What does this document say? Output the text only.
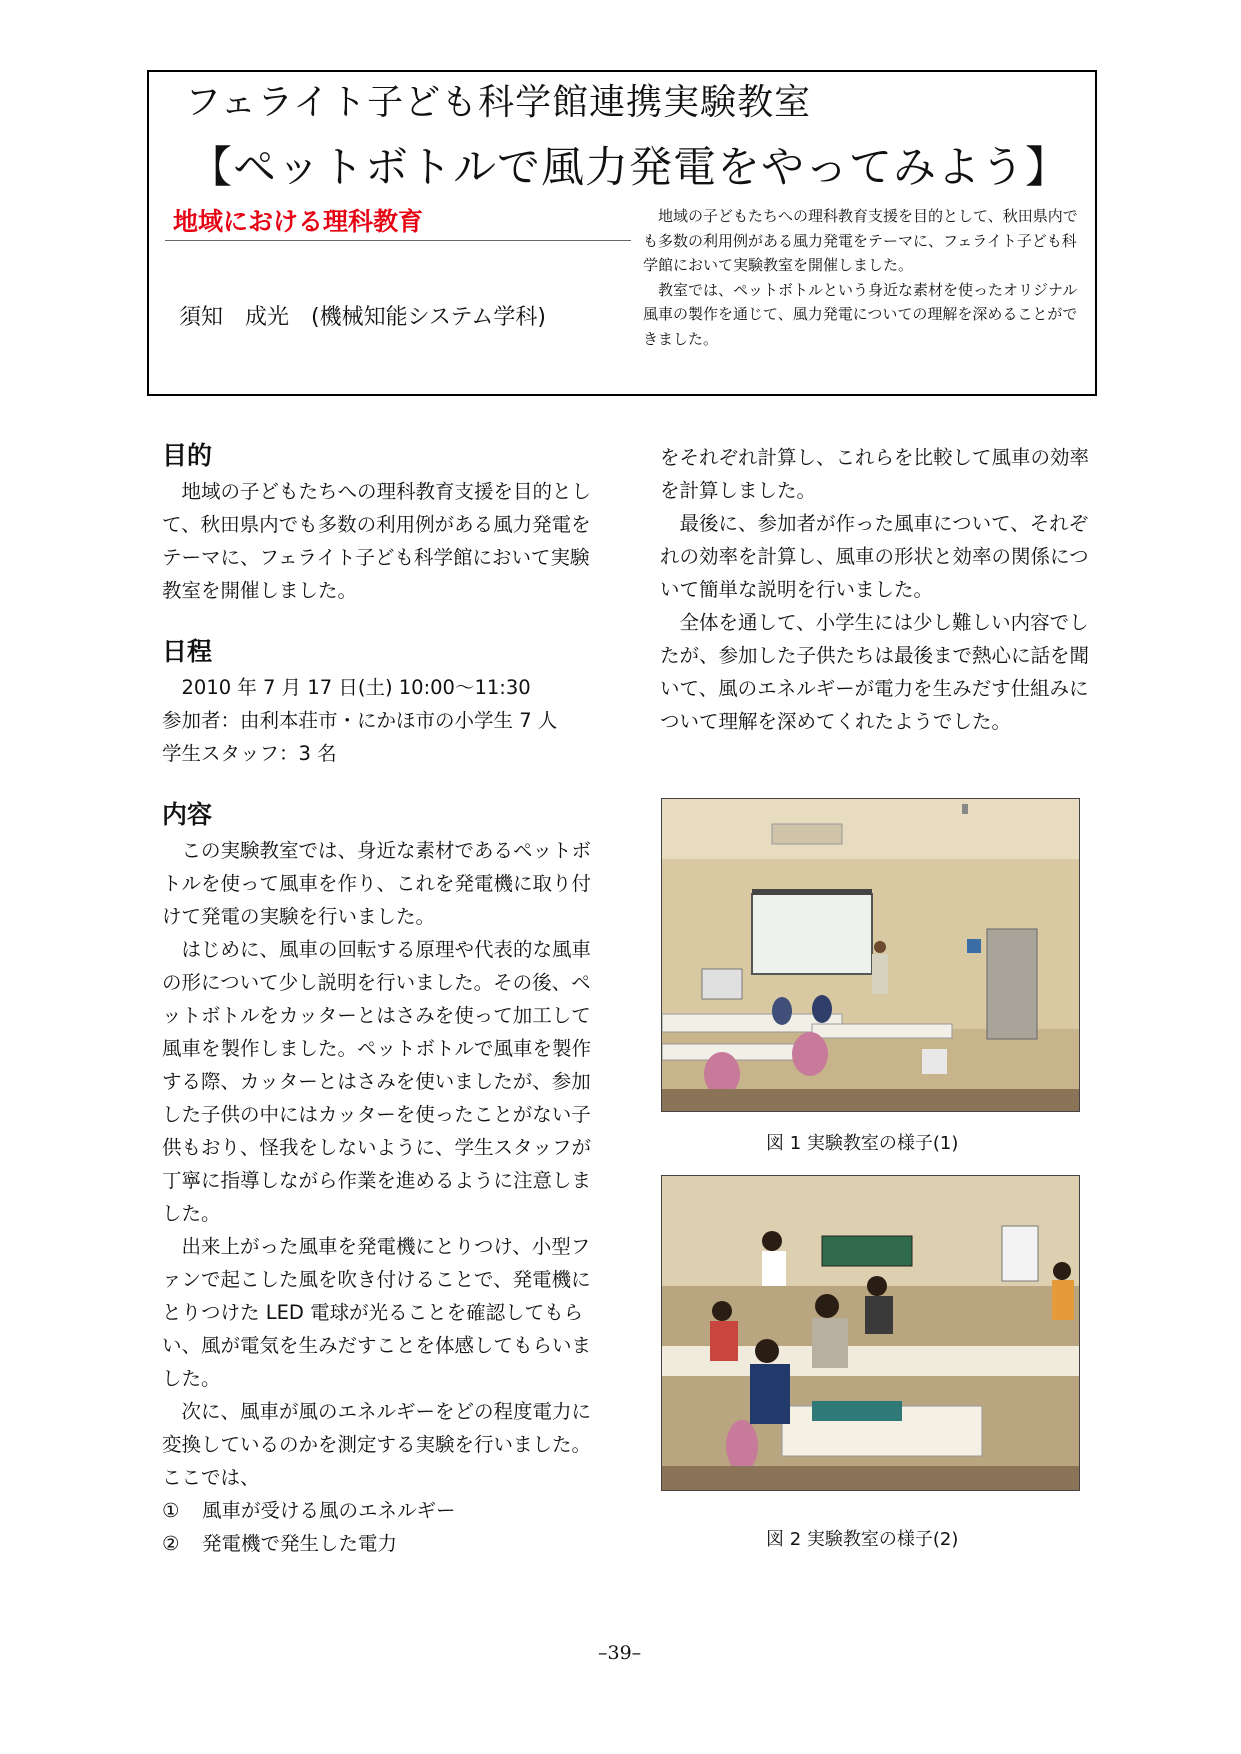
フェライト子ども科学館連携実験教室
【ペットボトルで風力発電をやってみよう】
地域における理科教育
須知　成光　(機械知能システム学科)

地域の子どもたちへの理科教育支援を目的として、秋田県内でも多数の利用例がある風力発電をテーマに、フェライト子ども科学館において実験教室を開催しました。

教室では、ペットボトルという身近な素材を使ったオリジナル風車の製作を通じて、風力発電についての理解を深めることができました。

目的

地域の子どもたちへの理科教育支援を目的として、秋田県内でも多数の利用例がある風力発電をテーマに、フェライト子ども科学館において実験教室を開催しました。

日程
2010 年 7 月 17 日(土) 10:00～11:30
参加者：由利本荘市・にかほ市の小学生 7 人
学生スタッフ：3 名
内容

この実験教室では、身近な素材であるペットボトルを使って風車を作り、これを発電機に取り付けて発電の実験を行いました。

はじめに、風車の回転する原理や代表的な風車の形について少し説明を行いました。その後、ペットボトルをカッターとはさみを使って加工して風車を製作しました。ペットボトルで風車を製作する際、カッターとはさみを使いましたが、参加した子供の中にはカッターを使ったことがない子供もおり、怪我をしないように、学生スタッフが丁寧に指導しながら作業を進めるように注意しました。

出来上がった風車を発電機にとりつけ、小型ファンで起こした風を吹き付けることで、発電機にとりつけた LED 電球が光ることを確認してもらい、風が電気を生みだすことを体感してもらいました。

次に、風車が風のエネルギーをどの程度電力に変換しているのかを測定する実験を行いました。ここでは、

①	風車が受ける風のエネルギー
②	発電機で発生した電力

をそれぞれ計算し、これらを比較して風車の効率を計算しました。

最後に、参加者が作った風車について、それぞれの効率を計算し、風車の形状と効率の関係について簡単な説明を行いました。

全体を通して、小学生には少し難しい内容でしたが、参加した子供たちは最後まで熱心に話を聞いて、風のエネルギーが電力を生みだす仕組みについて理解を深めてくれたようでした。

図 1 実験教室の様子(1)
図 2 実験教室の様子(2)
–39–
